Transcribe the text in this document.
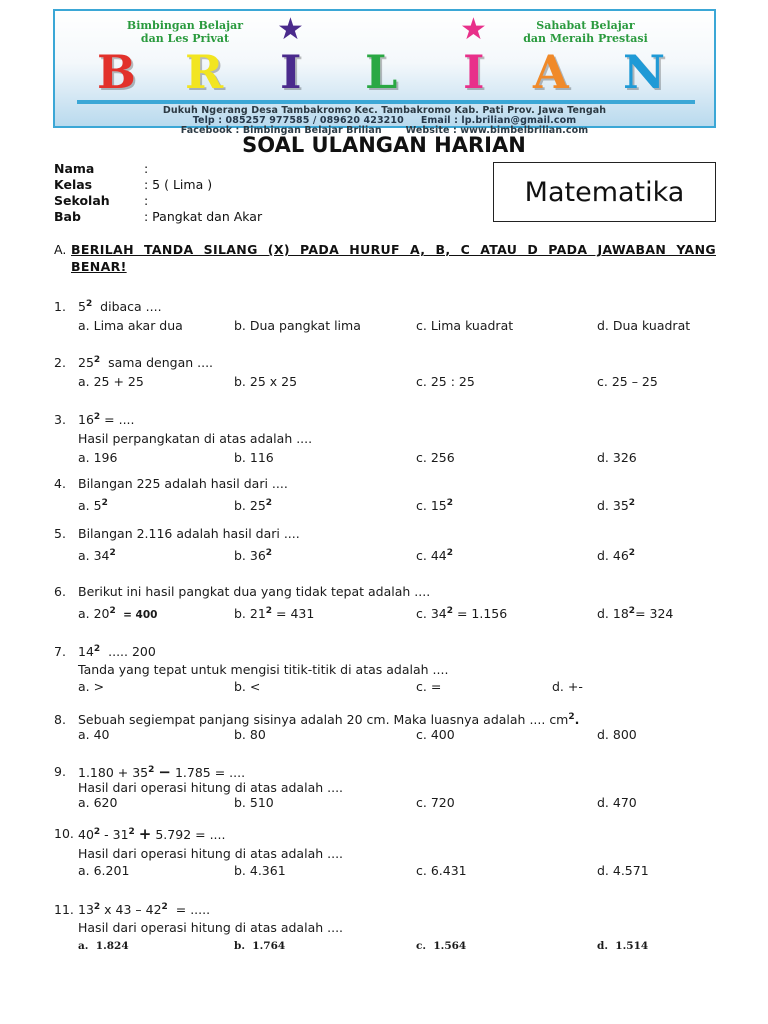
Bimbingan Belajar
dan Les Privat
Sahabat Belajar
dan Meraih Prestasi
★	★
B R I L I A N
Dukuh Ngerang Desa Tambakromo Kec. Tambakromo Kab. Pati Prov. Jawa Tengah
Telp : 085257 977585 / 089620 423210 Email : lp.brilian@gmail.com
Facebook : Bimbingan Belajar Brilian	Website : www.bimbelbrilian.com
SOAL ULANGAN HARIAN
Nama	:
Kelas	: 5 ( Lima )
Sekolah	:
Bab	: Pangkat dan Akar
Matematika
A. BERILAH TANDA SILANG (X) PADA HURUF A, B, C ATAU D PADA JAWABAN YANG BENAR!
1. $5^2$  dibaca ....
a. Lima akar dua	b. Dua pangkat lima	c. Lima kuadrat	d. Dua kuadrat
2. $25^2$  sama dengan ....
a. 25 + 25	b. 25 x 25	c. 25 : 25	c. 25 – 25
3. $16^2$ = ....
Hasil perpangkatan di atas adalah ....
a. 196	b. 116	c. 256	d. 326
4. Bilangan 225 adalah hasil dari ....
a. $5^2$	b. $25^2$	c. $15^2$	d. $35^2$
5. Bilangan 2.116 adalah hasil dari ....
a. $34^2$	b. $36^2$	c. $44^2$	d. $46^2$
6. Berikut ini hasil pangkat dua yang tidak tepat adalah ....
a. $20^2 = 400$	b. $21^2 = 431$	c. $34^2 = 1.156$	d. $18^2= 324$
7. $14^2$  ..... 200
Tanda yang tepat untuk mengisi titik-titik di atas adalah ....
a. >	b. <	c. =	d. +-
8. Sebuah segiempat panjang sisinya adalah 20 cm. Maka luasnya adalah .... $cm^2$.
a. 40	b. 80	c. 400	d. 800
9. $1.180 + 35^2 - 1.785$ = ....
Hasil dari operasi hitung di atas adalah ....
a. 620	b. 510	c. 720	d. 470
10. $40^2 - 31^2 + 5.792$ = ....
Hasil dari operasi hitung di atas adalah ....
a. 6.201	b. 4.361	c. 6.431	d. 4.571
11. $13^2$ x $43 - 42^2$  = .....
Hasil dari operasi hitung di atas adalah ....
a.  1.824	b.  1.764	c.  1.564	d.  1.514
